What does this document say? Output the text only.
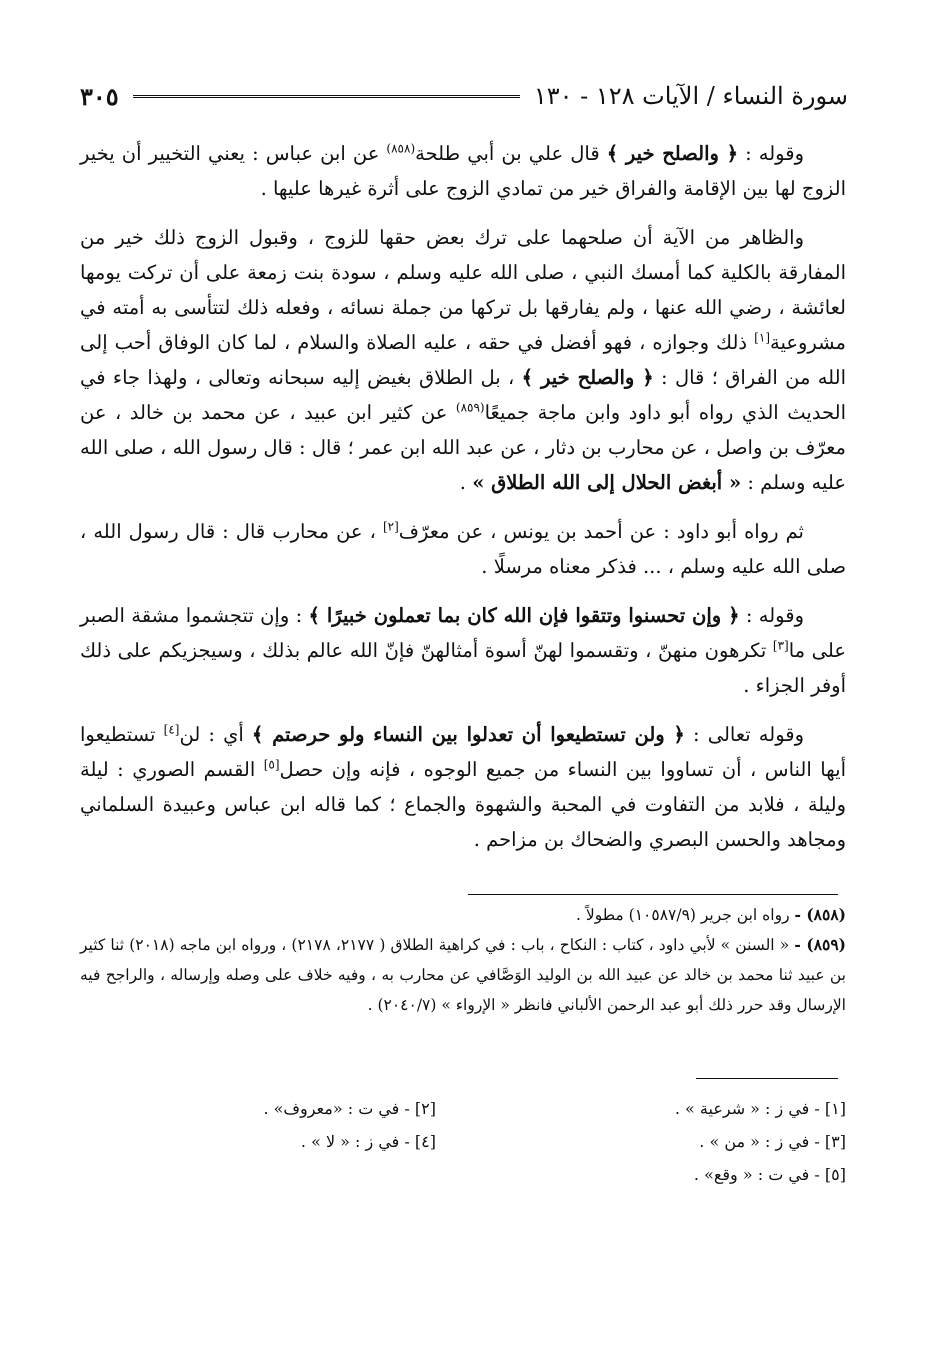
سورة النساء / الآيات ١٢٨ - ١٣٠
٣٠٥

وقوله : ﴿ والصلح خير ﴾ قال علي بن أبي طلحة$^{(٨٥٨)}$ عن ابن عباس : يعني التخيير أن يخير الزوج لها بين الإقامة والفراق خير من تمادي الزوج على أثرة غيرها عليها .

والظاهر من الآية أن صلحهما على ترك بعض حقها للزوج ، وقبول الزوج ذلك خير من المفارقة بالكلية كما أمسك النبي ، صلى الله عليه وسلم ، سودة بنت زمعة على أن تركت يومها لعائشة ، رضي الله عنها ، ولم يفارقها بل تركها من جملة نسائه ، وفعله ذلك لتتأسى به أمته في مشروعية[١] ذلك وجوازه ، فهو أفضل في حقه ، عليه الصلاة والسلام ، لما كان الوفاق أحب إلى الله من الفراق ؛ قال : ﴿ والصلح خير ﴾ ، بل الطلاق بغيض إليه سبحانه وتعالى ، ولهذا جاء في الحديث الذي رواه أبو داود وابن ماجة جميعًا$^{(٨٥٩)}$ عن كثير ابن عبيد ، عن محمد بن خالد ، عن معرّف بن واصل ، عن محارب بن دثار ، عن عبد الله ابن عمر ؛ قال : قال رسول الله ، صلى الله عليه وسلم : « أبغض الحلال إلى الله الطلاق » .

ثم رواه أبو داود : عن أحمد بن يونس ، عن معرّف[٢] ، عن محارب قال : قال رسول الله ، صلى الله عليه وسلم ، ... فذكر معناه مرسلًا .

وقوله : ﴿ وإن تحسنوا وتتقوا فإن الله كان بما تعملون خبيرًا ﴾ : وإن تتجشموا مشقة الصبر على ما[٣] تكرهون منهنّ ، وتقسموا لهنّ أسوة أمثالهنّ فإنّ الله عالم بذلك ، وسيجزيكم على ذلك أوفر الجزاء .

وقوله تعالى : ﴿ ولن تستطيعوا أن تعدلوا بين النساء ولو حرصتم ﴾ أي : لن[٤] تستطيعوا أيها الناس ، أن تساووا بين النساء من جميع الوجوه ، فإنه وإن حصل[٥] القسم الصوري : ليلة وليلة ، فلابد من التفاوت في المحبة والشهوة والجماع ؛ كما قاله ابن عباس وعبيدة السلماني ومجاهد والحسن البصري والضحاك بن مزاحم .

(٨٥٨) - رواه ابن جرير (١٠٥٨٧/٩) مطولاً .

(٨٥٩) - « السنن » لأبي داود ، كتاب : النكاح ، باب : في كراهية الطلاق ( ٢١٧٧، ٢١٧٨) ، ورواه ابن ماجه (٢٠١٨) ثنا كثير بن عبيد ثنا محمد بن خالد عن عبيد الله بن الوليد الوَصَّافي عن محارب به ، وفيه خلاف على وصله وإرساله ، والراجح فيه الإرسال وقد حرر ذلك أبو عبد الرحمن الألباني فانظر « الإرواء » (٢٠٤٠/٧) .

[١] - في ز : « شرعية » .
[٢] - في ت : «معروف» .
[٣] - في ز : « من » .
[٤] - في ز : « لا » .
[٥] - في ت : « وقع» .
